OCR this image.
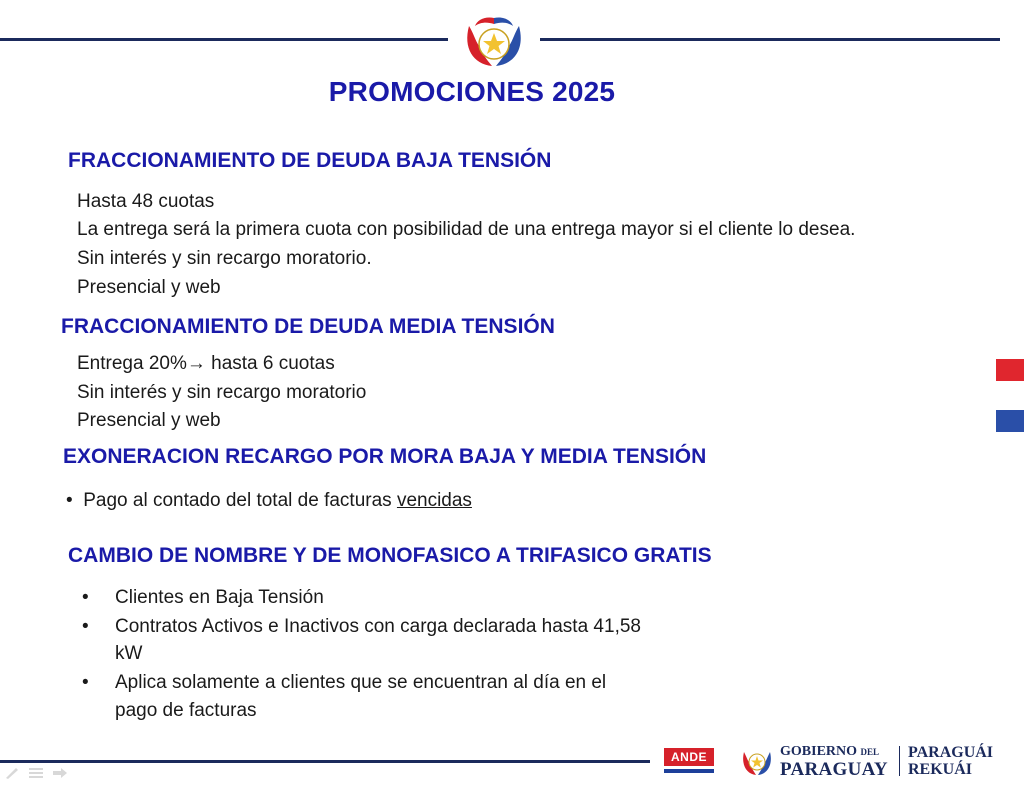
PROMOCIONES 2025
FRACCIONAMIENTO DE DEUDA BAJA TENSIÓN
Hasta 48 cuotas
La entrega será la primera cuota con posibilidad de una entrega mayor si el cliente lo desea.
Sin interés y sin recargo moratorio.
Presencial y web
FRACCIONAMIENTO DE DEUDA MEDIA TENSIÓN
Entrega 20%→ hasta 6 cuotas
Sin interés y sin recargo moratorio
Presencial y web
EXONERACION RECARGO POR MORA BAJA Y MEDIA TENSIÓN
•  Pago al contado del total de facturas vencidas
CAMBIO DE NOMBRE Y DE MONOFASICO A TRIFASICO GRATIS
• Clientes en Baja Tensión
• Contratos Activos e Inactivos con carga declarada hasta 41,58
kW
• Aplica solamente a clientes que se encuentran al día en el
pago de facturas
ANDE	GOBIERNO DEL
PARAGUAY
PARAGUÁI
REKUÁI
